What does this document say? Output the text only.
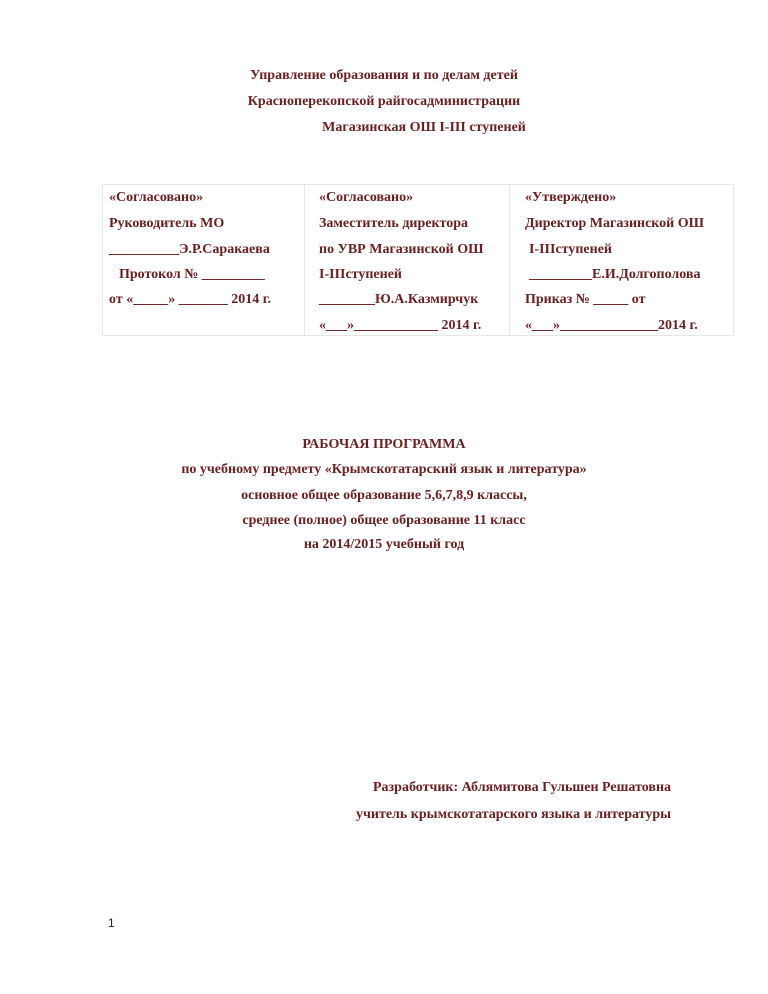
Управление образования и по делам детей
Красноперекопской райгосадминистрации
Магазинская ОШ I-III ступеней
«Согласовано»
Руководитель МО
__________Э.Р.Саракаева
Протокол № _________
от «_____» _______ 2014 г.
«Согласовано»
Заместитель директора
по УВР Магазинской ОШ
I-IIIступеней
________Ю.А.Казмирчук
«___»____________ 2014 г.
«Утверждено»
Директор Магазинской ОШ
I-IIIступеней
_________Е.И.Долгополова
Приказ № _____ от
«___»______________2014 г.
РАБОЧАЯ ПРОГРАММА
по учебному предмету «Крымскотатарский язык и литература»
основное общее образование 5,6,7,8,9 классы,
среднее (полное) общее образование 11 класс
на 2014/2015 учебный год
Разработчик: Аблямитова Гульшен Решатовна
учитель крымскотатарского языка и литературы
1
